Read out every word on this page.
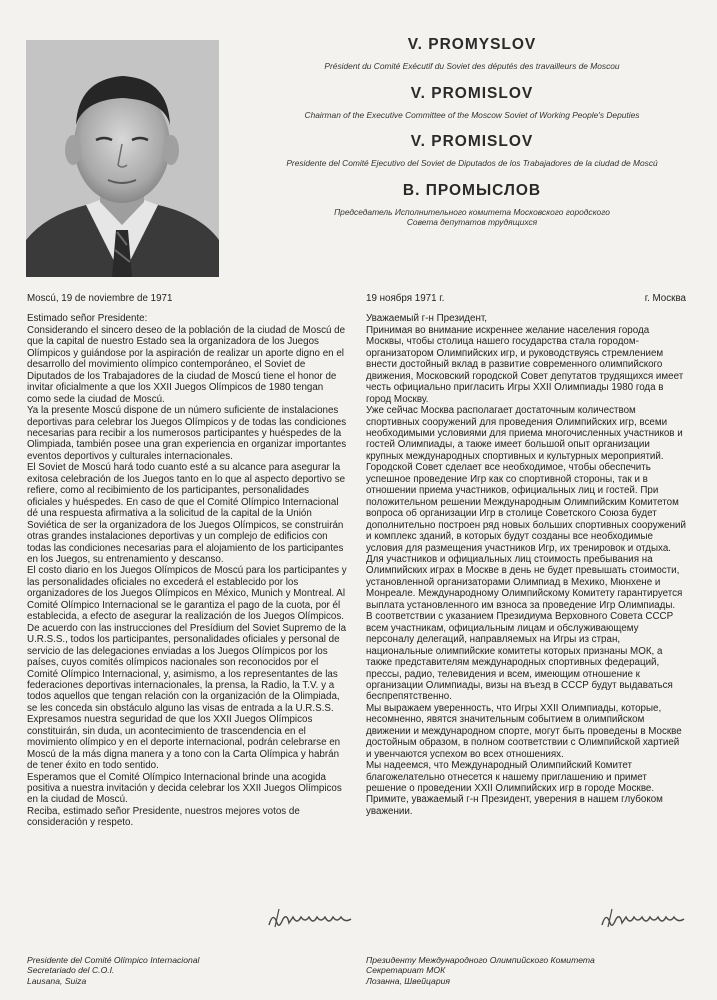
V. PROMYSLOV
Président du Comité Exécutif du Soviet des députés des travailleurs de Moscou
V. PROMISLOV
Chairman of the Executive Committee of the Moscow Soviet of Working People's Deputies
V. PROMISLOV
Presidente del Comité Ejecutivo del Soviet de Diputados de los Trabajadores de la ciudad de Moscú
В. ПРОМЫСЛОВ
Председатель Исполнительного комитета Московского городского
Совета депутатов трудящихся
Moscú, 19 de noviembre de 1971

Estimado señor Presidente:

Considerando el sincero deseo de la población de la ciudad de Moscú de que la capital de nuestro Estado sea la organizadora de los Juegos Olímpicos y guiándose por la aspiración de realizar un aporte digno en el desarrollo del movimiento olímpico contemporáneo, el Soviet de Diputados de los Trabajadores de la ciudad de Moscú tiene el honor de invitar oficialmente a que los XXII Juegos Olímpicos de 1980 tengan como sede la ciudad de Moscú.

Ya la presente Moscú dispone de un número suficiente de instalaciones deportivas para celebrar los Juegos Olímpicos y de todas las condiciones necesarias para recibir a los numerosos participantes y huéspedes de la Olimpiada, también posee una gran experiencia en organizar importantes eventos deportivos y culturales internacionales.

El Soviet de Moscú hará todo cuanto esté a su alcance para asegurar la exitosa celebración de los Juegos tanto en lo que al aspecto deportivo se refiere, como al recibimiento de los participantes, personalidades oficiales y huéspedes. En caso de que el Comité Olímpico Internacional dé una respuesta afirmativa a la solicitud de la capital de la Unión Soviética de ser la organizadora de los Juegos Olímpicos, se construirán otras grandes instalaciones deportivas y un complejo de edificios con todas las condiciones necesarias para el alojamiento de los participantes en los Juegos, su entrenamiento y descanso.

El costo diario en los Juegos Olímpicos de Moscú para los participantes y las personalidades oficiales no excederá el establecido por los organizadores de los Juegos Olímpicos en México, Munich y Montreal. Al Comité Olímpico Internacional se le garantiza el pago de la cuota, por él establecida, a efecto de asegurar la realización de los Juegos Olímpicos.

De acuerdo con las instrucciones del Presídium del Soviet Supremo de la U.R.S.S., todos los participantes, personalidades oficiales y personal de servicio de las delegaciones enviadas a los Juegos Olímpicos por los países, cuyos comités olímpicos nacionales son reconocidos por el Comité Olímpico Internacional, y, asimismo, a los representantes de las federaciones deportivas internacionales, la prensa, la Radio, la T.V. y a todos aquellos que tengan relación con la organización de la Olimpiada, se les conceda sin obstáculo alguno las visas de entrada a la U.R.S.S.

Expresamos nuestra seguridad de que los XXII Juegos Olímpicos constituirán, sin duda, un acontecimiento de trascendencia en el movimiento olímpico y en el deporte internacional, podrán celebrarse en Moscú de la más digna manera y a tono con la Carta Olímpica y habrán de tener éxito en todo sentido.

Esperamos que el Comité Olímpico Internacional brinde una acogida positiva a nuestra invitación y decida celebrar los XXII Juegos Olímpicos en la ciudad de Moscú.

Reciba, estimado señor Presidente, nuestros mejores votos de consideración y respeto.

19 ноября 1971 г.	г. Москва

Уважаемый г-н Президент,

Принимая во внимание искреннее желание населения города Москвы, чтобы столица нашего государства стала городом-организатором Олимпийских игр, и руководствуясь стремлением внести достойный вклад в развитие современного олимпийского движения, Московский городской Совет депутатов трудящихся имеет честь официально пригласить Игры XXII Олимпиады 1980 года в город Москву.

Уже сейчас Москва располагает достаточным количеством спортивных сооружений для проведения Олимпийских игр, всеми необходимыми условиями для приема многочисленных участников и гостей Олимпиады, а также имеет большой опыт организации крупных международных спортивных и культурных мероприятий.

Городской Совет сделает все необходимое, чтобы обеспечить успешное проведение Игр как со спортивной стороны, так и в отношении приема участников, официальных лиц и гостей. При положительном решении Международным Олимпийским Комитетом вопроса об организации Игр в столице Советского Союза будет дополнительно построен ряд новых больших спортивных сооружений и комплекс зданий, в которых будут созданы все необходимые условия для размещения участников Игр, их тренировок и отдыха.

Для участников и официальных лиц стоимость пребывания на Олимпийских играх в Москве в день не будет превышать стоимости, установленной организаторами Олимпиад в Мехико, Мюнхене и Монреале. Международному Олимпийскому Комитету гарантируется выплата установленного им взноса за проведение Игр Олимпиады.

В соответствии с указанием Президиума Верховного Совета СССР всем участникам, официальным лицам и обслуживающему персоналу делегаций, направляемых на Игры из стран, национальные олимпийские комитеты которых признаны МОК, а также представителям международных спортивных федераций, прессы, радио, телевидения и всем, имеющим отношение к организации Олимпиады, визы на въезд в СССР будут выдаваться беспрепятственно.

Мы выражаем уверенность, что Игры XXII Олимпиады, которые, несомненно, явятся значительным событием в олимпийском движении и международном спорте, могут быть проведены в Москве достойным образом, в полном соответствии с Олимпийской хартией и увенчаются успехом во всех отношениях.

Мы надеемся, что Международный Олимпийский Комитет благожелательно отнесется к нашему приглашению и примет решение о проведении XXII Олимпийских игр в городе Москве.

Примите, уважаемый г-н Президент, уверения в нашем глубоком уважении.

Presidente del Comité Olímpico Internacional
Secretariado del C.O.I.
Lausana, Suiza
Президенту Международного Олимпийского Комитета
Секретариат МОК
Лозанна, Швейцария
